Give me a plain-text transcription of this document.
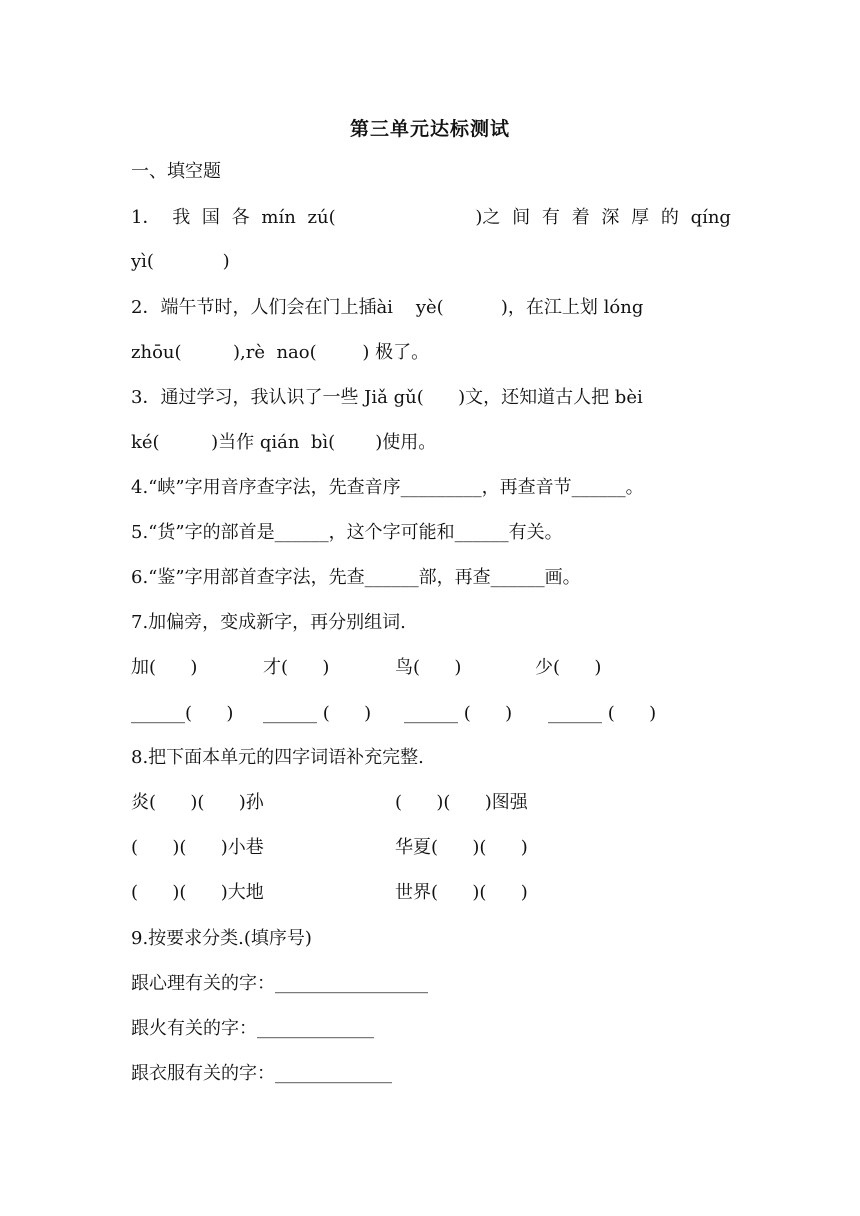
第三单元达标测试
一、填空题
1． 我 国 各 mín zú(	)之 间 有 着 深 厚 的 qíng
yì(            )
2．端午节时，人们会在门上插ài    yè(          )，在江上划 lóng
zhōu(         ),rè  nao(        ) 极了。
3．通过学习，我认识了一些 Jiǎ gǔ(      )文，还知道古人把 bèi
ké(         )当作 qián  bì(       )使用。
4.“峡”字用音序查字法，先查音序_________，再查音节______。
5.“货”字的部首是______，这个字可能和______有关。
6.“鉴”字用部首查字法，先查______部，再查______画。
7.加偏旁，变成新字，再分别组词.
加(      )	才(      )	鸟(      )	少(      )
______(      ) ______ (      ) ______ (      ) ______ (      )
8.把下面本单元的四字词语补充完整.
炎(      )(      )孙	(      )(      )图强
(      )(      )小巷	华夏(      )(      )
(      )(      )大地	世界(      )(      )
9.按要求分类.(填序号)
跟心理有关的字：_________________
跟火有关的字：_____________
跟衣服有关的字：_____________
